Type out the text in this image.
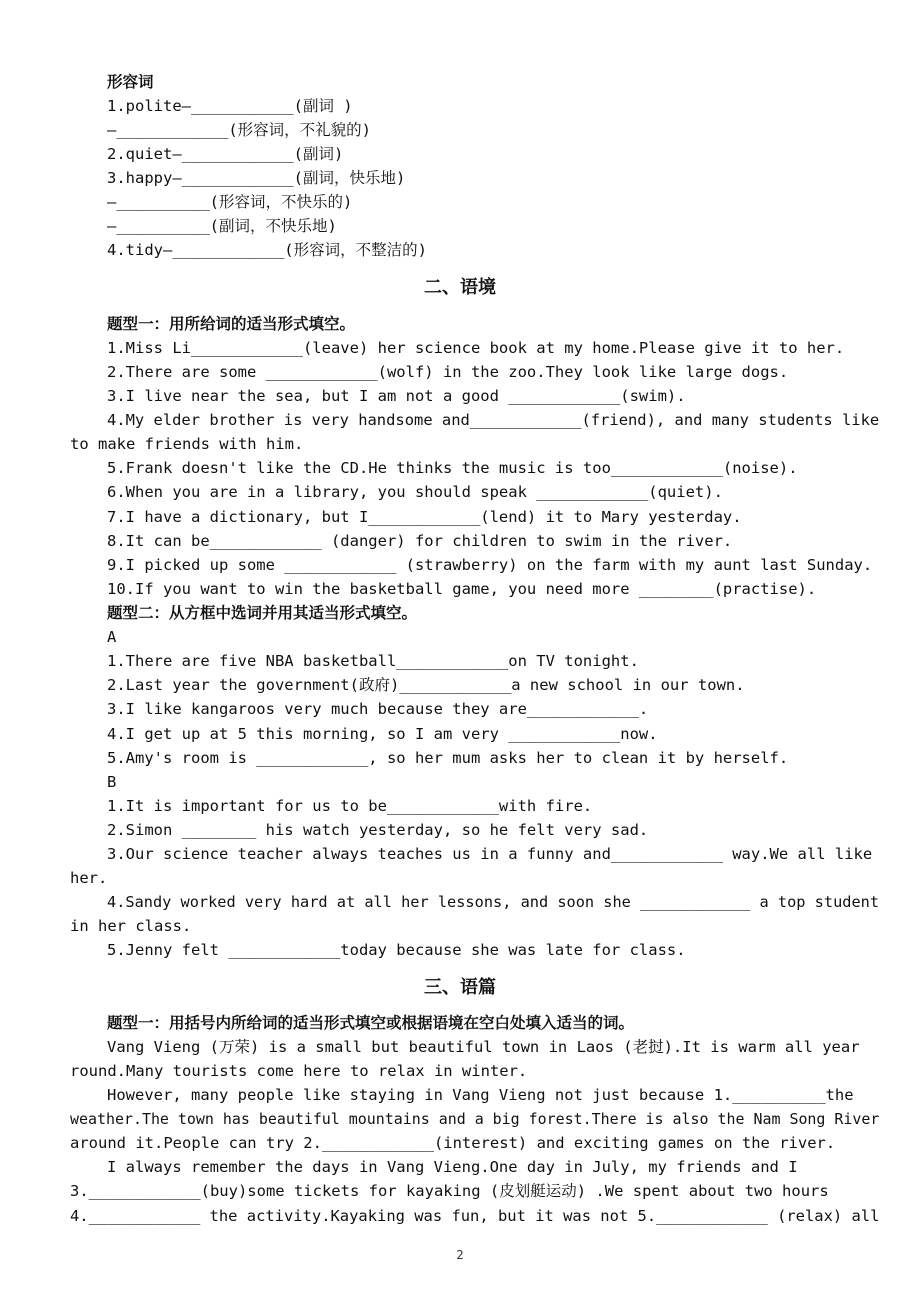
形容词
1.polite—___________(副词 )
—____________(形容词，不礼貌的)
2.quiet—____________(副词)
3.happy—____________(副词，快乐地)
—__________(形容词，不快乐的)
—__________(副词，不快乐地)
4.tidy—____________(形容词，不整洁的)
二、语境
题型一：用所给词的适当形式填空。
1.Miss Li____________(leave) her science book at my home.Please give it to her.
2.There are some ____________(wolf) in the zoo.They look like large dogs.
3.I live near the sea, but I am not a good ____________(swim).
4.My elder brother is very handsome and____________(friend), and many students like
to make friends with him.
5.Frank doesn't like the CD.He thinks the music is too____________(noise).
6.When you are in a library, you should speak ____________(quiet).
7.I have a dictionary, but I____________(lend) it to Mary yesterday.
8.It can be____________ (danger) for children to swim in the river.
9.I picked up some ____________ (strawberry) on the farm with my aunt last Sunday.
10.If you want to win the basketball game, you need more ________(practise).
题型二：从方框中选词并用其适当形式填空。
A
1.There are five NBA basketball____________on TV tonight.
2.Last year the government(政府)____________a new school in our town.
3.I like kangaroos very much because they are____________.
4.I get up at 5 this morning, so I am very ____________now.
5.Amy's room is ____________, so her mum asks her to clean it by herself.
B
1.It is important for us to be____________with fire.
2.Simon ________ his watch yesterday, so he felt very sad.
3.Our science teacher always teaches us in a funny and____________ way.We all like
her.
4.Sandy worked very hard at all her lessons, and soon she ____________ a top student
in her class.
5.Jenny felt ____________today because she was late for class.
三、语篇
题型一：用括号内所给词的适当形式填空或根据语境在空白处填入适当的词。
Vang Vieng (万荣) is a small but beautiful town in Laos (老挝).It is warm all year
round.Many tourists come here to relax in winter.
However, many people like staying in Vang Vieng not just because 1.__________the
weather.The town has beautiful mountains and a big forest.There is also the Nam Song River
around it.People can try 2.____________(interest) and exciting games on the river.
I always remember the days in Vang Vieng.One day in July, my friends and I
3.____________(buy)some tickets for kayaking (皮划艇运动) .We spent about two hours
4.____________ the activity.Kayaking was fun, but it was not 5.____________ (relax) all
2
